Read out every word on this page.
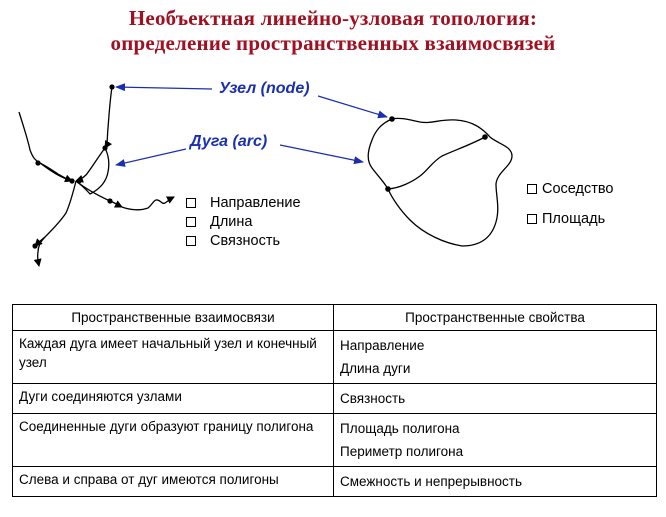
Необъектная линейно-узловая топология:
определение пространственных взаимосвязей
Узел (node)
Дуга (arc)
Направление
Длина
Связность
Соседство
Площадь
Пространственные взаимосвязи	Пространственные свойства
Каждая дуга имеет начальный узел и конечный узел	Направление
Длина дуги

Дуги соединяются узлами	Связность

Соединенные дуги образуют границу полигона	Площадь полигона
Периметр полигона

Слева и справа от дуг имеются полигоны	Смежность и непрерывность
